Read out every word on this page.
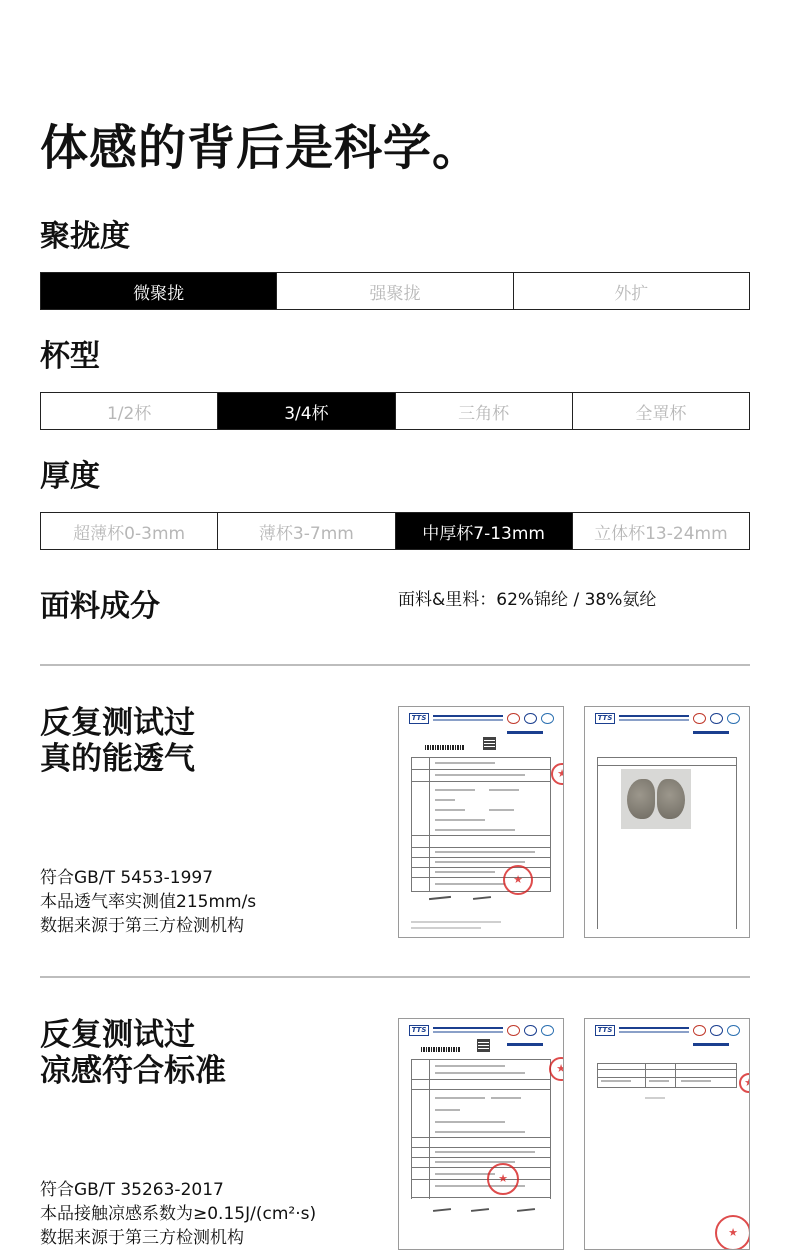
体感的背后是科学。
聚拢度
微聚拢	强聚拢	外扩
杯型
1/2杯	3/4杯	三角杯	全罩杯
厚度
超薄杯0-3mm	薄杯3-7mm	中厚杯7-13mm	立体杯13-24mm
面料成分	面料&里料：62%锦纶 / 38%氨纶
反复测试过
真的能透气
符合GB/T 5453-1997
本品透气率实测值215mm/s
数据来源于第三方检测机构
TTS
★
★	TTS
反复测试过
凉感符合标准
符合GB/T 35263-2017
本品接触凉感系数为≥0.15J/(cm²·s)
数据来源于第三方检测机构
TTS
★
★	TTS
★
★
